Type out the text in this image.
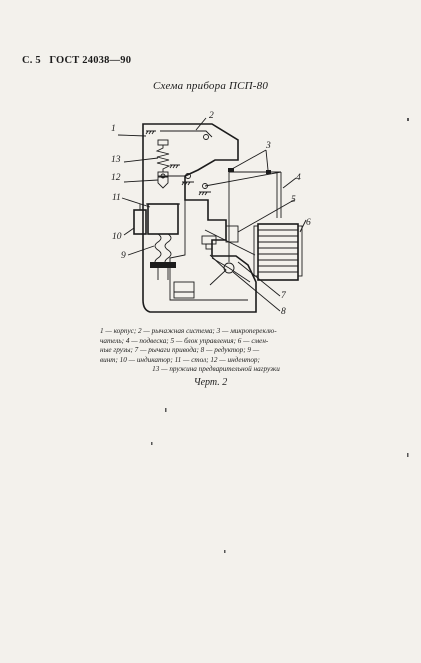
С. 5 ГОСТ 24038—90
Схема прибора ПСП-80
1
2
3
4
5
6
7
8
9
10
11
12
13
1 — корпус; 2 — рычажная система; 3 — микропереклю-
чатель; 4 — подвеска; 5 — блок управления; 6 — смен-
ные грузы; 7 — рычаги привода; 8 — редуктор; 9 —
винт; 10 — индикатор; 11 — стол; 12 — индентор;
13 — пружина предварительной нагрузки
Черт. 2
